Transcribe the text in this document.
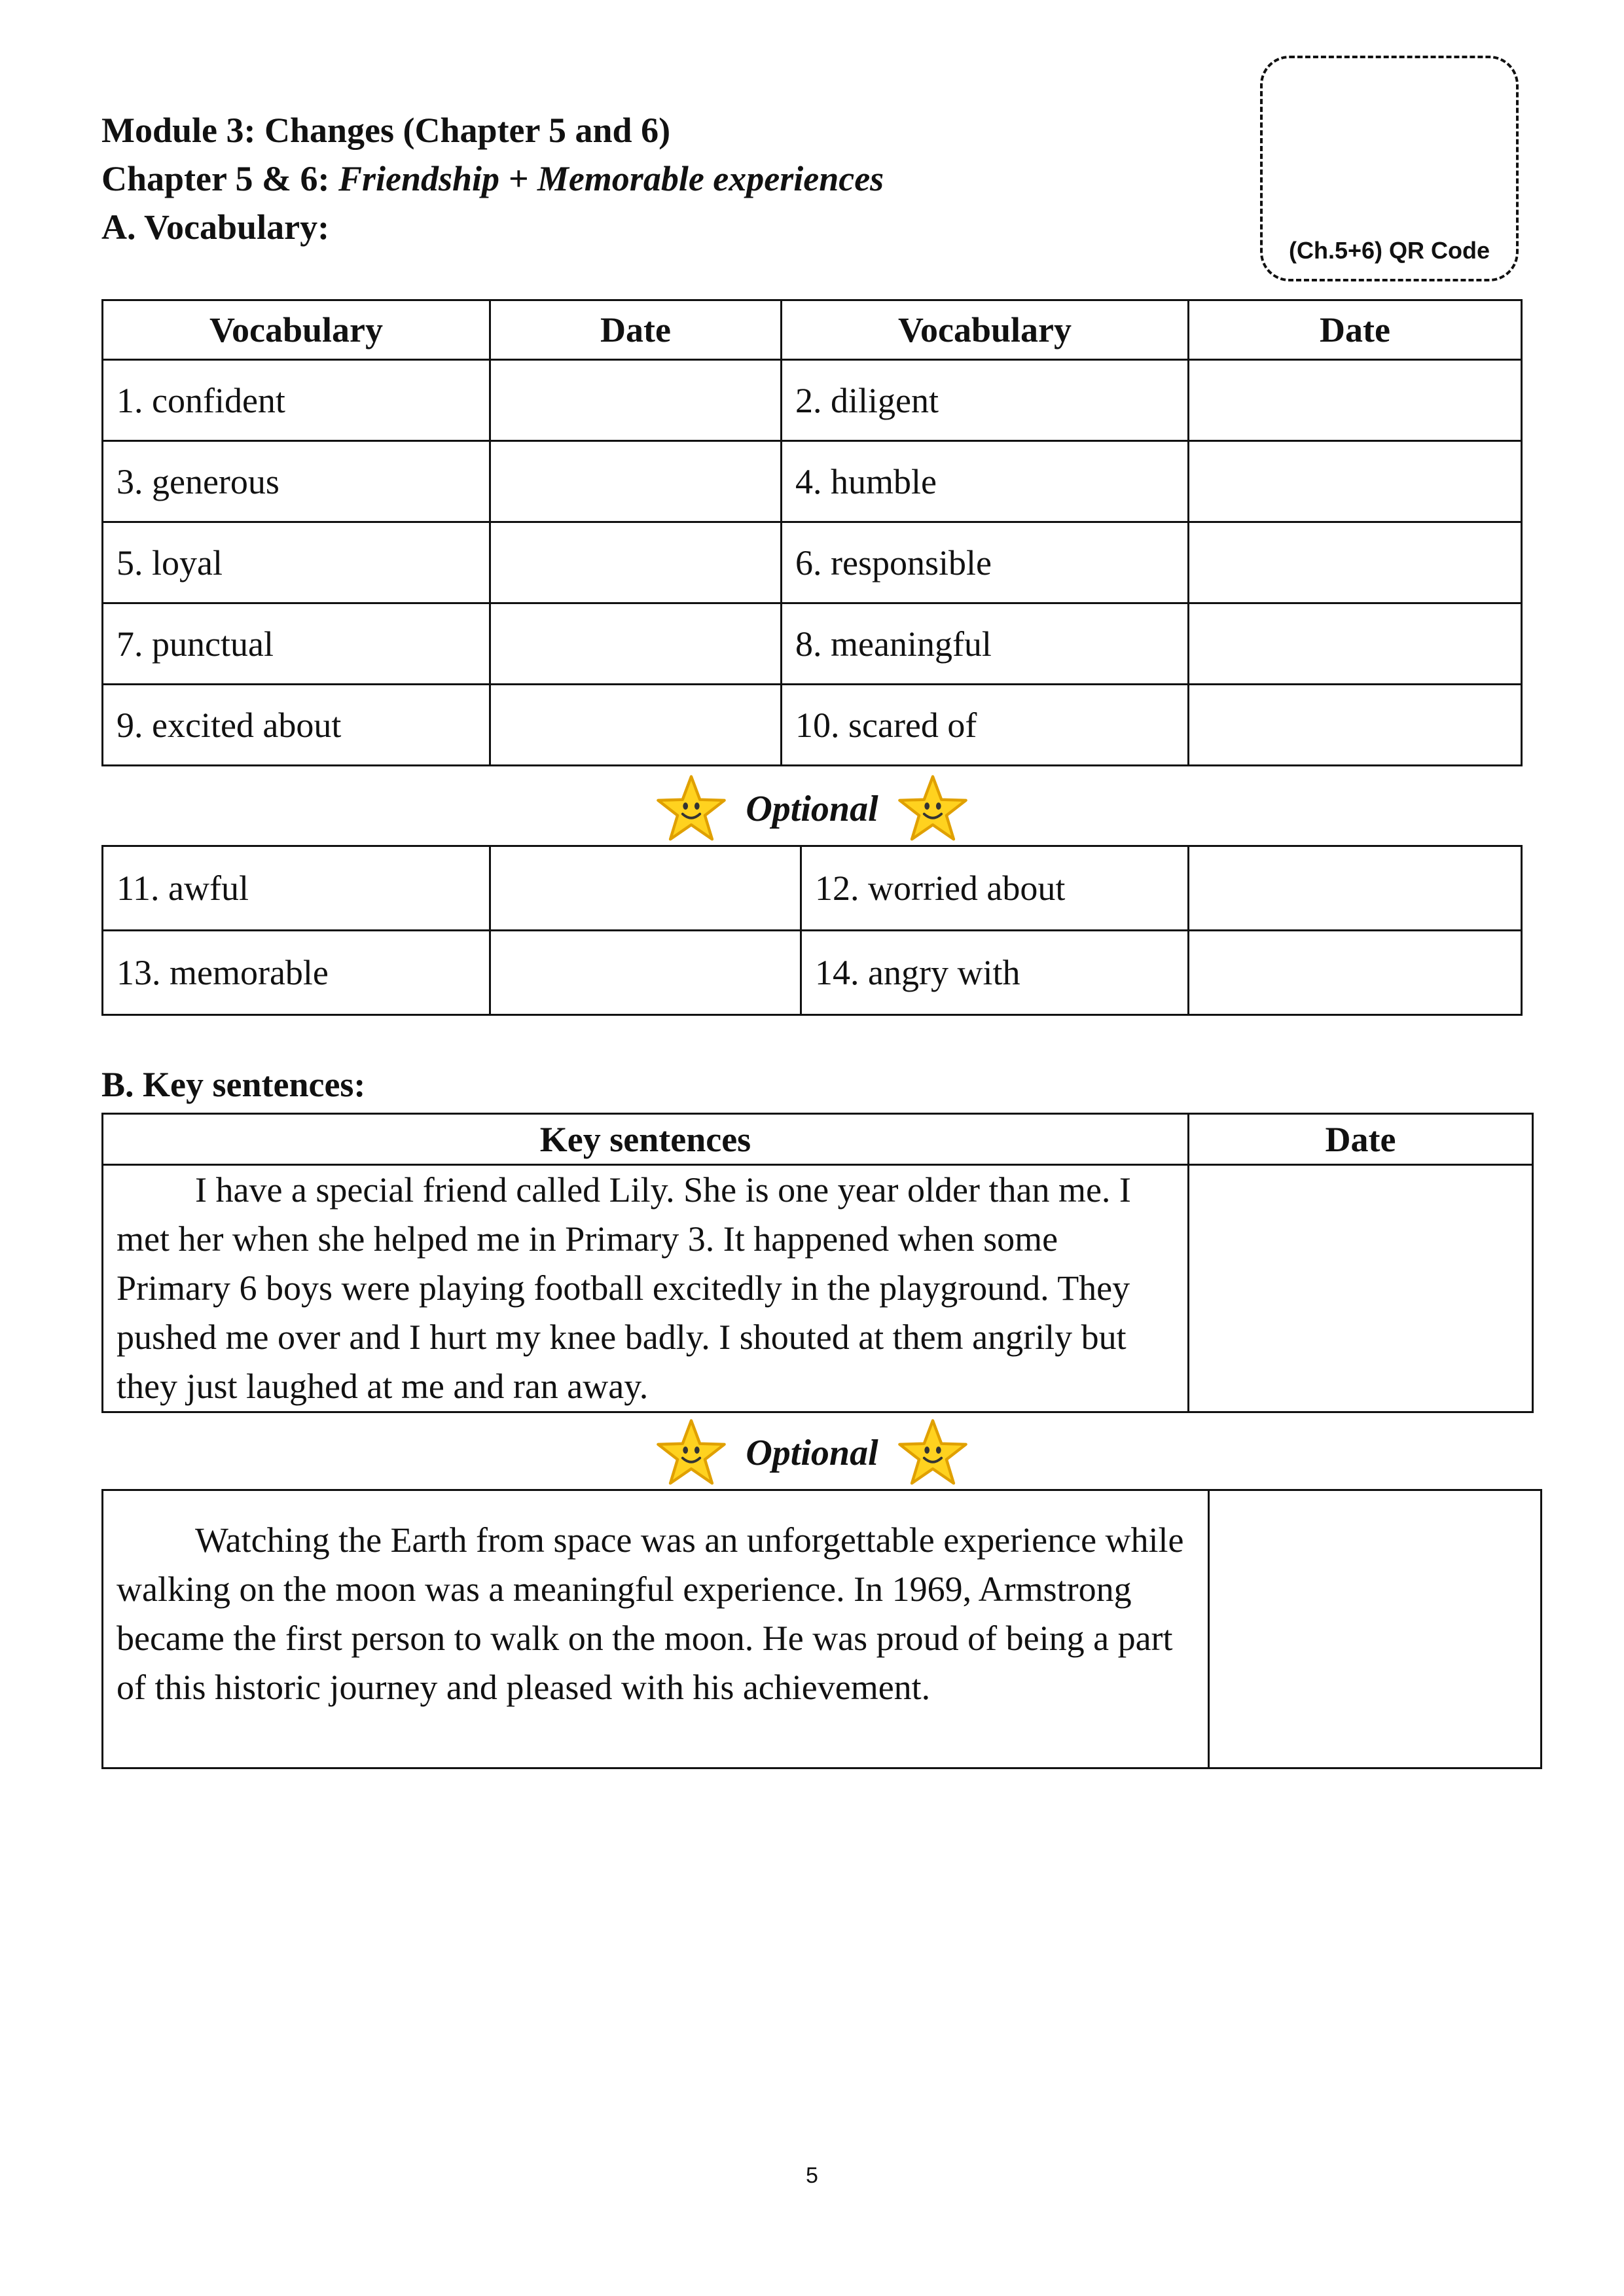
Module 3: Changes (Chapter 5 and 6)
Chapter 5 & 6: Friendship + Memorable experiences
A. Vocabulary:
(Ch.5+6) QR Code
Vocabulary	Date	Vocabulary	Date
1. confident		2. diligent	
3. generous		4. humble	
5. loyal		6. responsible	
7. punctual		8. meaningful	
9. excited about		10. scared of	
Optional
11. awful		12. worried about	
13. memorable		14. angry with	
B. Key sentences:
Key sentences	Date

I have a special friend called Lily. She is one year older than me. I met her when she helped me in Primary 3. It happened when some Primary 6 boys were playing football excitedly in the playground. They pushed me over and I hurt my knee badly. I shouted at them angrily but they just laughed at me and ran away.	

Optional

Watching the Earth from space was an unforgettable experience while walking on the moon was a meaningful experience. In 1969, Armstrong became the first person to walk on the moon. He was proud of being a part of this historic journey and pleased with his achievement.

5
